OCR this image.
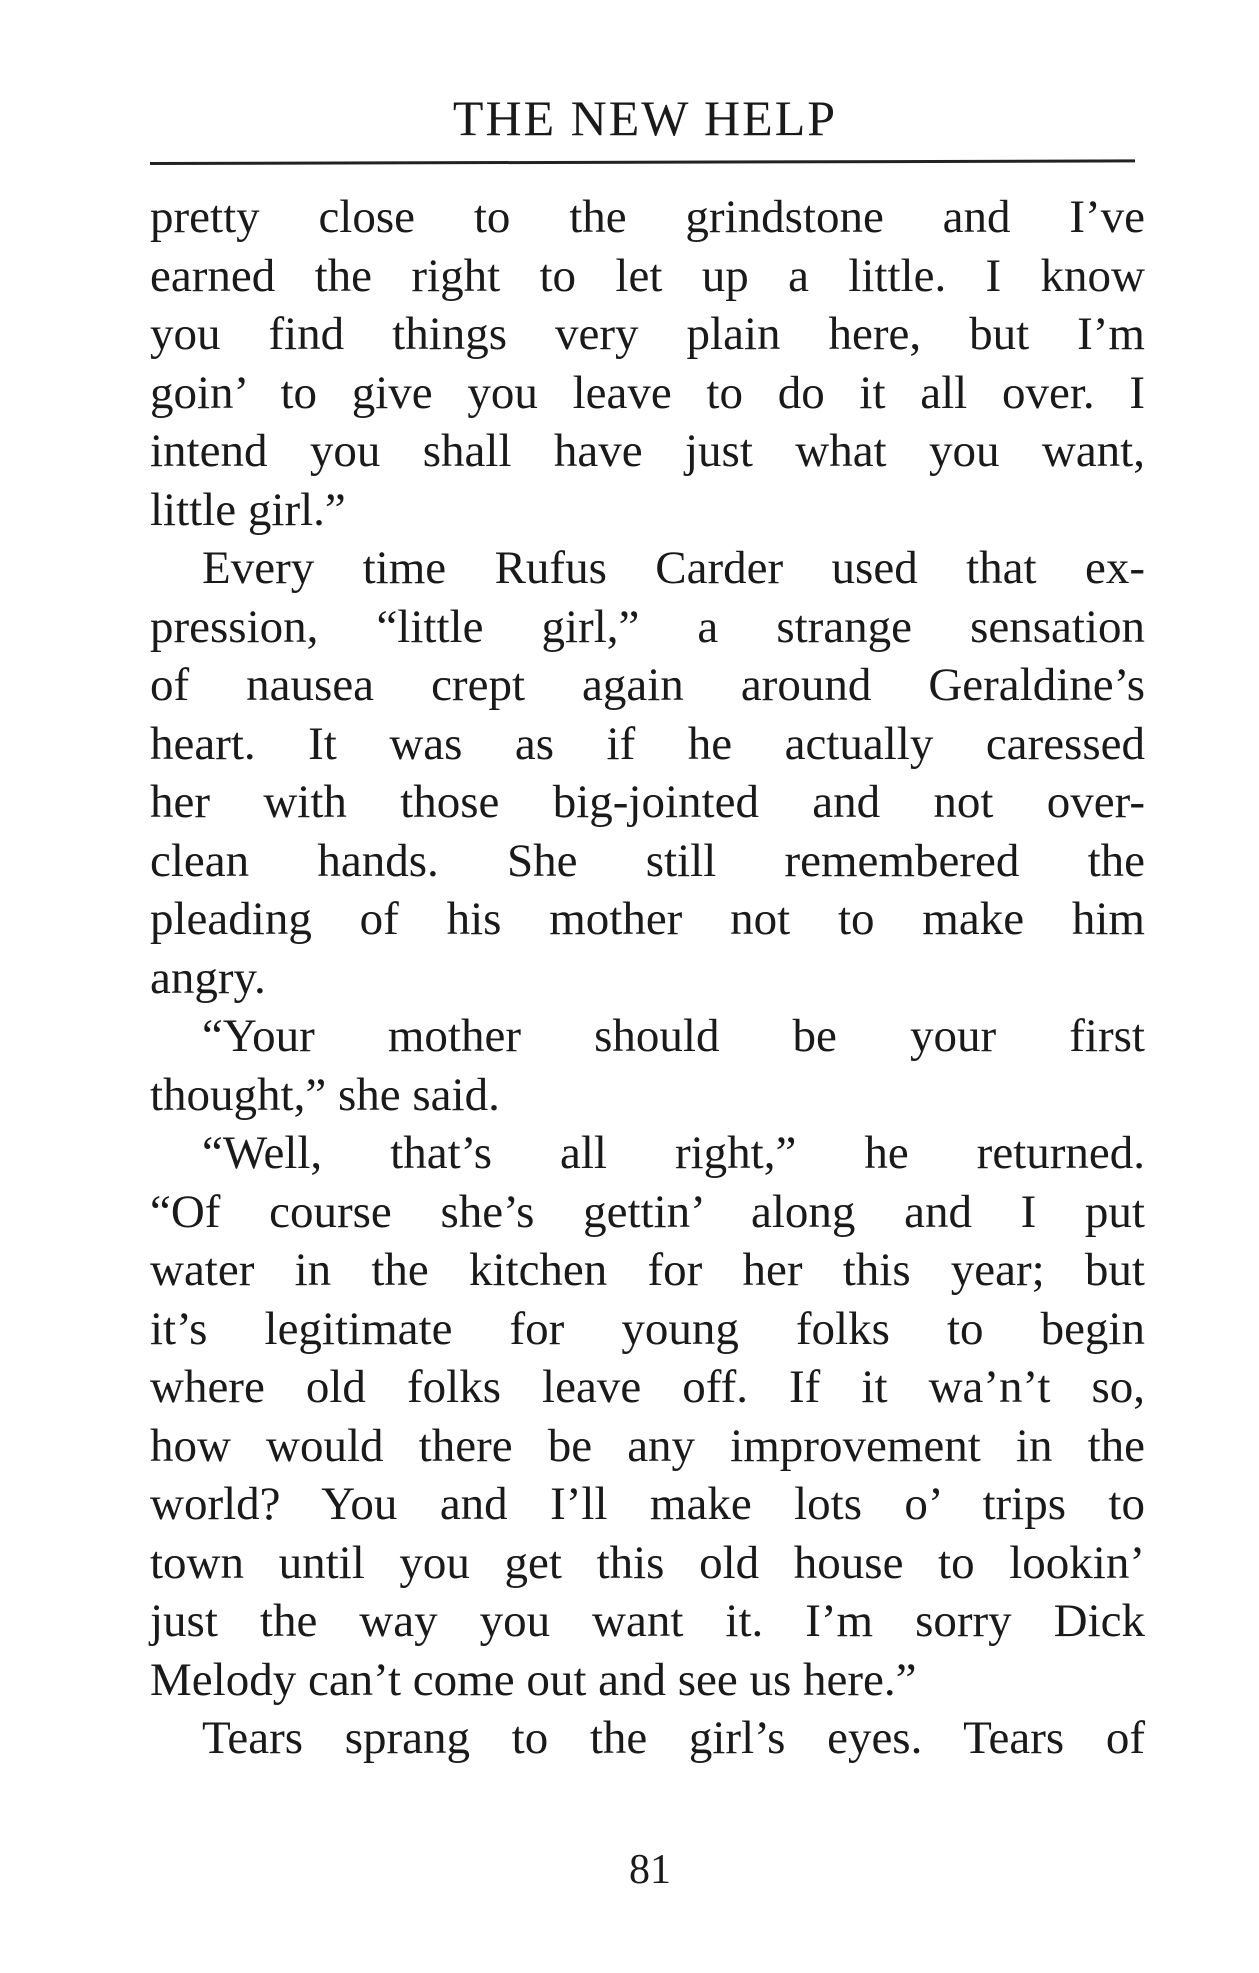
THE NEW HELP
pretty close to the grindstone and I’ve
earned the right to let up a little. I know
you find things very plain here, but I’m
goin’ to give you leave to do it all over. I
intend you shall have just what you want,
little girl.”
Every time Rufus Carder used that ex-
pression, “little girl,” a strange sensation
of nausea crept again around Geraldine’s
heart. It was as if he actually caressed
her with those big-jointed and not over-
clean hands. She still remembered the
pleading of his mother not to make him
angry.
“Your mother should be your first
thought,” she said.
“Well, that’s all right,” he returned.
“Of course she’s gettin’ along and I put
water in the kitchen for her this year; but
it’s legitimate for young folks to begin
where old folks leave off. If it wa’n’t so,
how would there be any improvement in the
world? You and I’ll make lots o’ trips to
town until you get this old house to lookin’
just the way you want it. I’m sorry Dick
Melody can’t come out and see us here.”
Tears sprang to the girl’s eyes. Tears of
81
